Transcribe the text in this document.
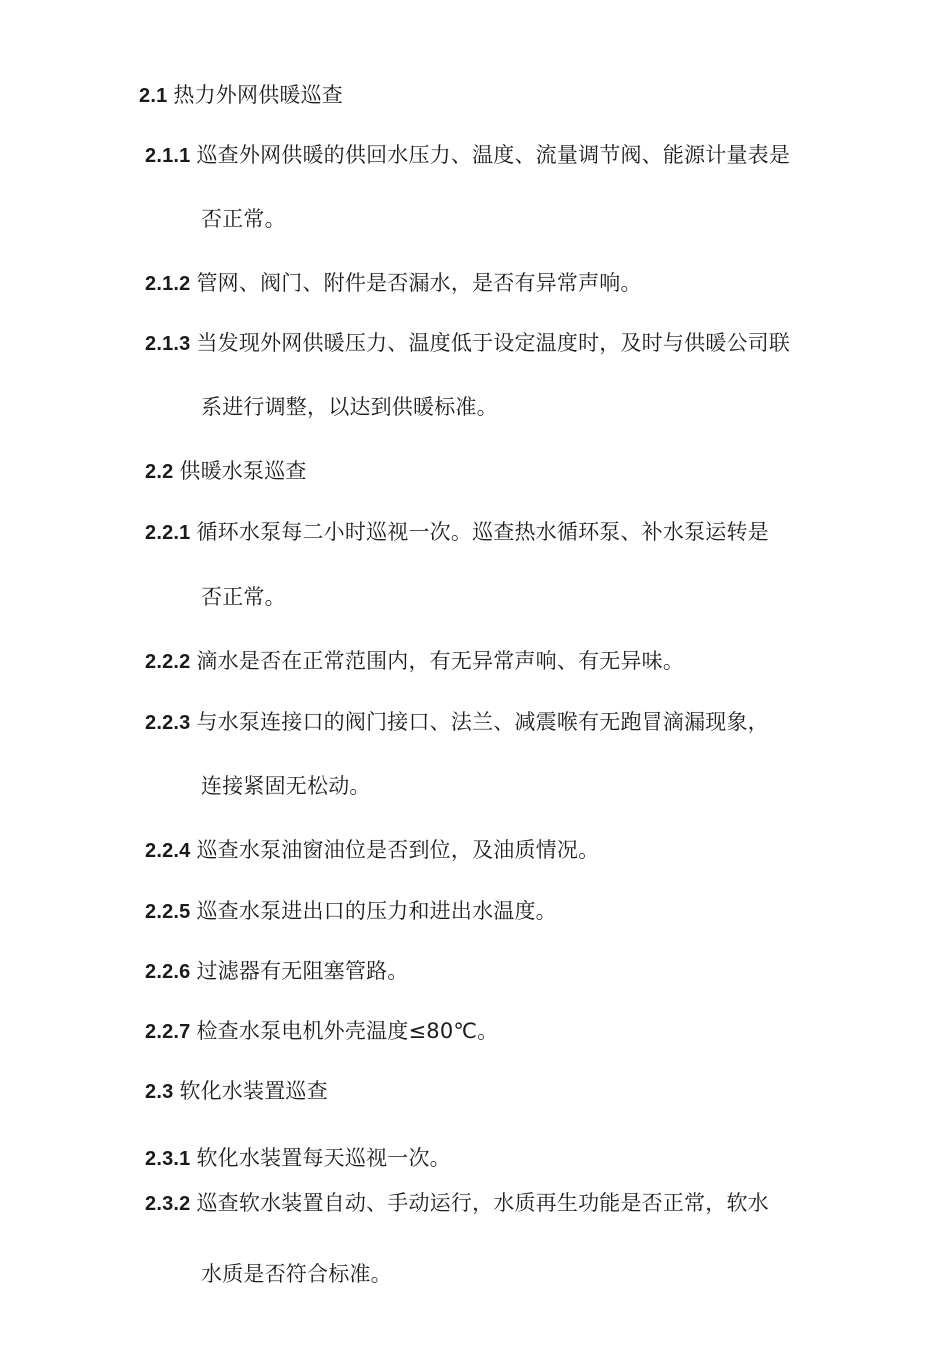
2.1 热力外网供暖巡查
2.1.1 巡查外网供暖的供回水压力、温度、流量调节阀、能源计量表是
否正常。
2.1.2 管网、阀门、附件是否漏水，是否有异常声响。
2.1.3 当发现外网供暖压力、温度低于设定温度时，及时与供暖公司联
系进行调整，以达到供暖标准。
2.2 供暖水泵巡查
2.2.1 循环水泵每二小时巡视一次。巡查热水循环泵、补水泵运转是
否正常。
2.2.2 滴水是否在正常范围内，有无异常声响、有无异味。
2.2.3 与水泵连接口的阀门接口、法兰、减震喉有无跑冒滴漏现象，
连接紧固无松动。
2.2.4 巡查水泵油窗油位是否到位，及油质情况。
2.2.5 巡查水泵进出口的压力和进出水温度。
2.2.6 过滤器有无阻塞管路。
2.2.7 检查水泵电机外壳温度≤80℃。
2.3 软化水装置巡查
2.3.1 软化水装置每天巡视一次。
2.3.2 巡查软水装置自动、手动运行，水质再生功能是否正常，软水
水质是否符合标准。
